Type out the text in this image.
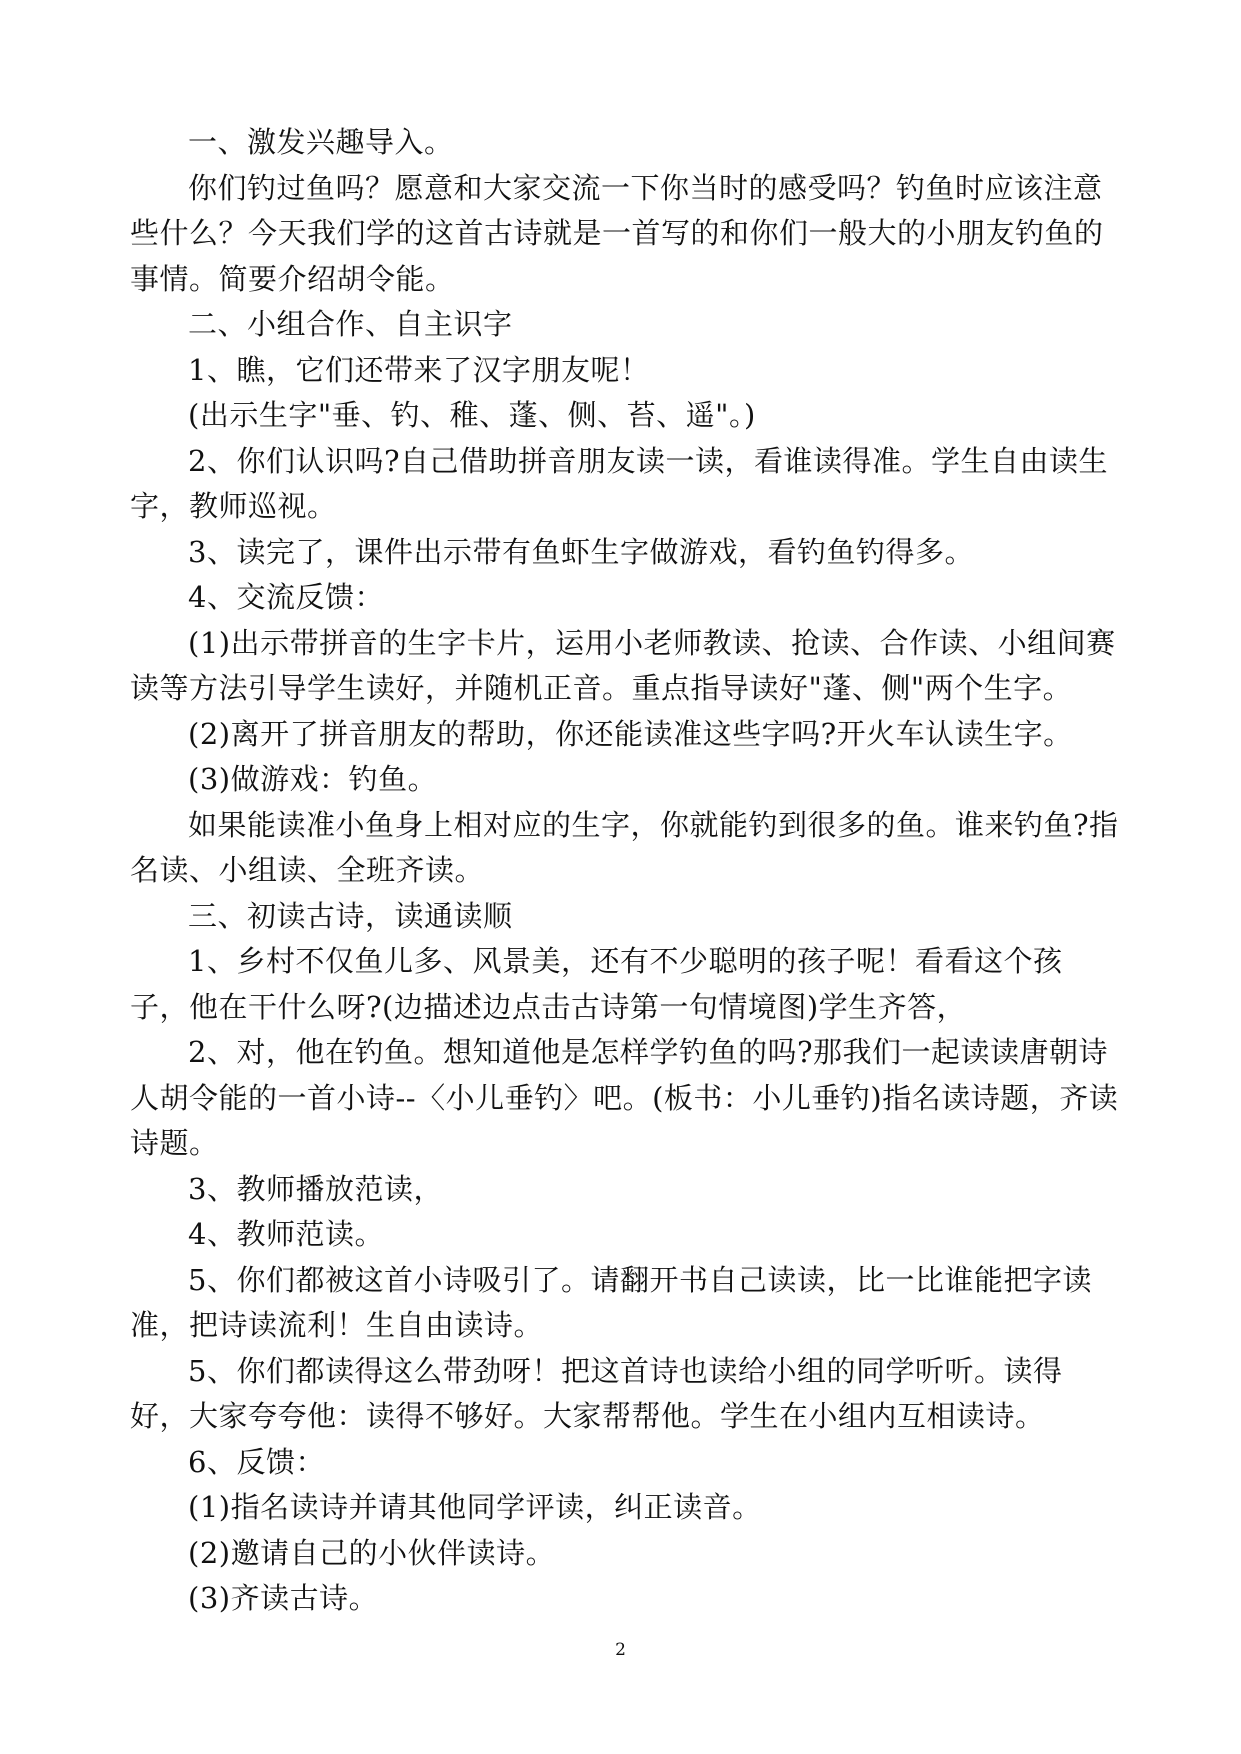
一、激发兴趣导入。

你们钓过鱼吗？愿意和大家交流一下你当时的感受吗？钓鱼时应该注意些什么？今天我们学的这首古诗就是一首写的和你们一般大的小朋友钓鱼的事情。简要介绍胡令能。

二、小组合作、自主识字

1、瞧，它们还带来了汉字朋友呢！

(出示生字"垂、钓、稚、蓬、侧、苔、遥"。)

2、你们认识吗?自己借助拼音朋友读一读，看谁读得准。学生自由读生字，教师巡视。

3、读完了，课件出示带有鱼虾生字做游戏，看钓鱼钓得多。

4、交流反馈：

(1)出示带拼音的生字卡片，运用小老师教读、抢读、合作读、小组间赛读等方法引导学生读好，并随机正音。重点指导读好"蓬、侧"两个生字。

(2)离开了拼音朋友的帮助，你还能读准这些字吗?开火车认读生字。

(3)做游戏：钓鱼。

如果能读准小鱼身上相对应的生字，你就能钓到很多的鱼。谁来钓鱼?指名读、小组读、全班齐读。

三、初读古诗，读通读顺

1、乡村不仅鱼儿多、风景美，还有不少聪明的孩子呢！看看这个孩子，他在干什么呀?(边描述边点击古诗第一句情境图)学生齐答，

2、对，他在钓鱼。想知道他是怎样学钓鱼的吗?那我们一起读读唐朝诗人胡令能的一首小诗--〈小儿垂钓〉吧。(板书：小儿垂钓)指名读诗题，齐读诗题。

3、教师播放范读，

4、教师范读。

5、你们都被这首小诗吸引了。请翻开书自己读读，比一比谁能把字读准，把诗读流利！生自由读诗。

5、你们都读得这么带劲呀！把这首诗也读给小组的同学听听。读得好，大家夸夸他：读得不够好。大家帮帮他。学生在小组内互相读诗。

6、反馈：

(1)指名读诗并请其他同学评读，纠正读音。

(2)邀请自己的小伙伴读诗。

(3)齐读古诗。

2
